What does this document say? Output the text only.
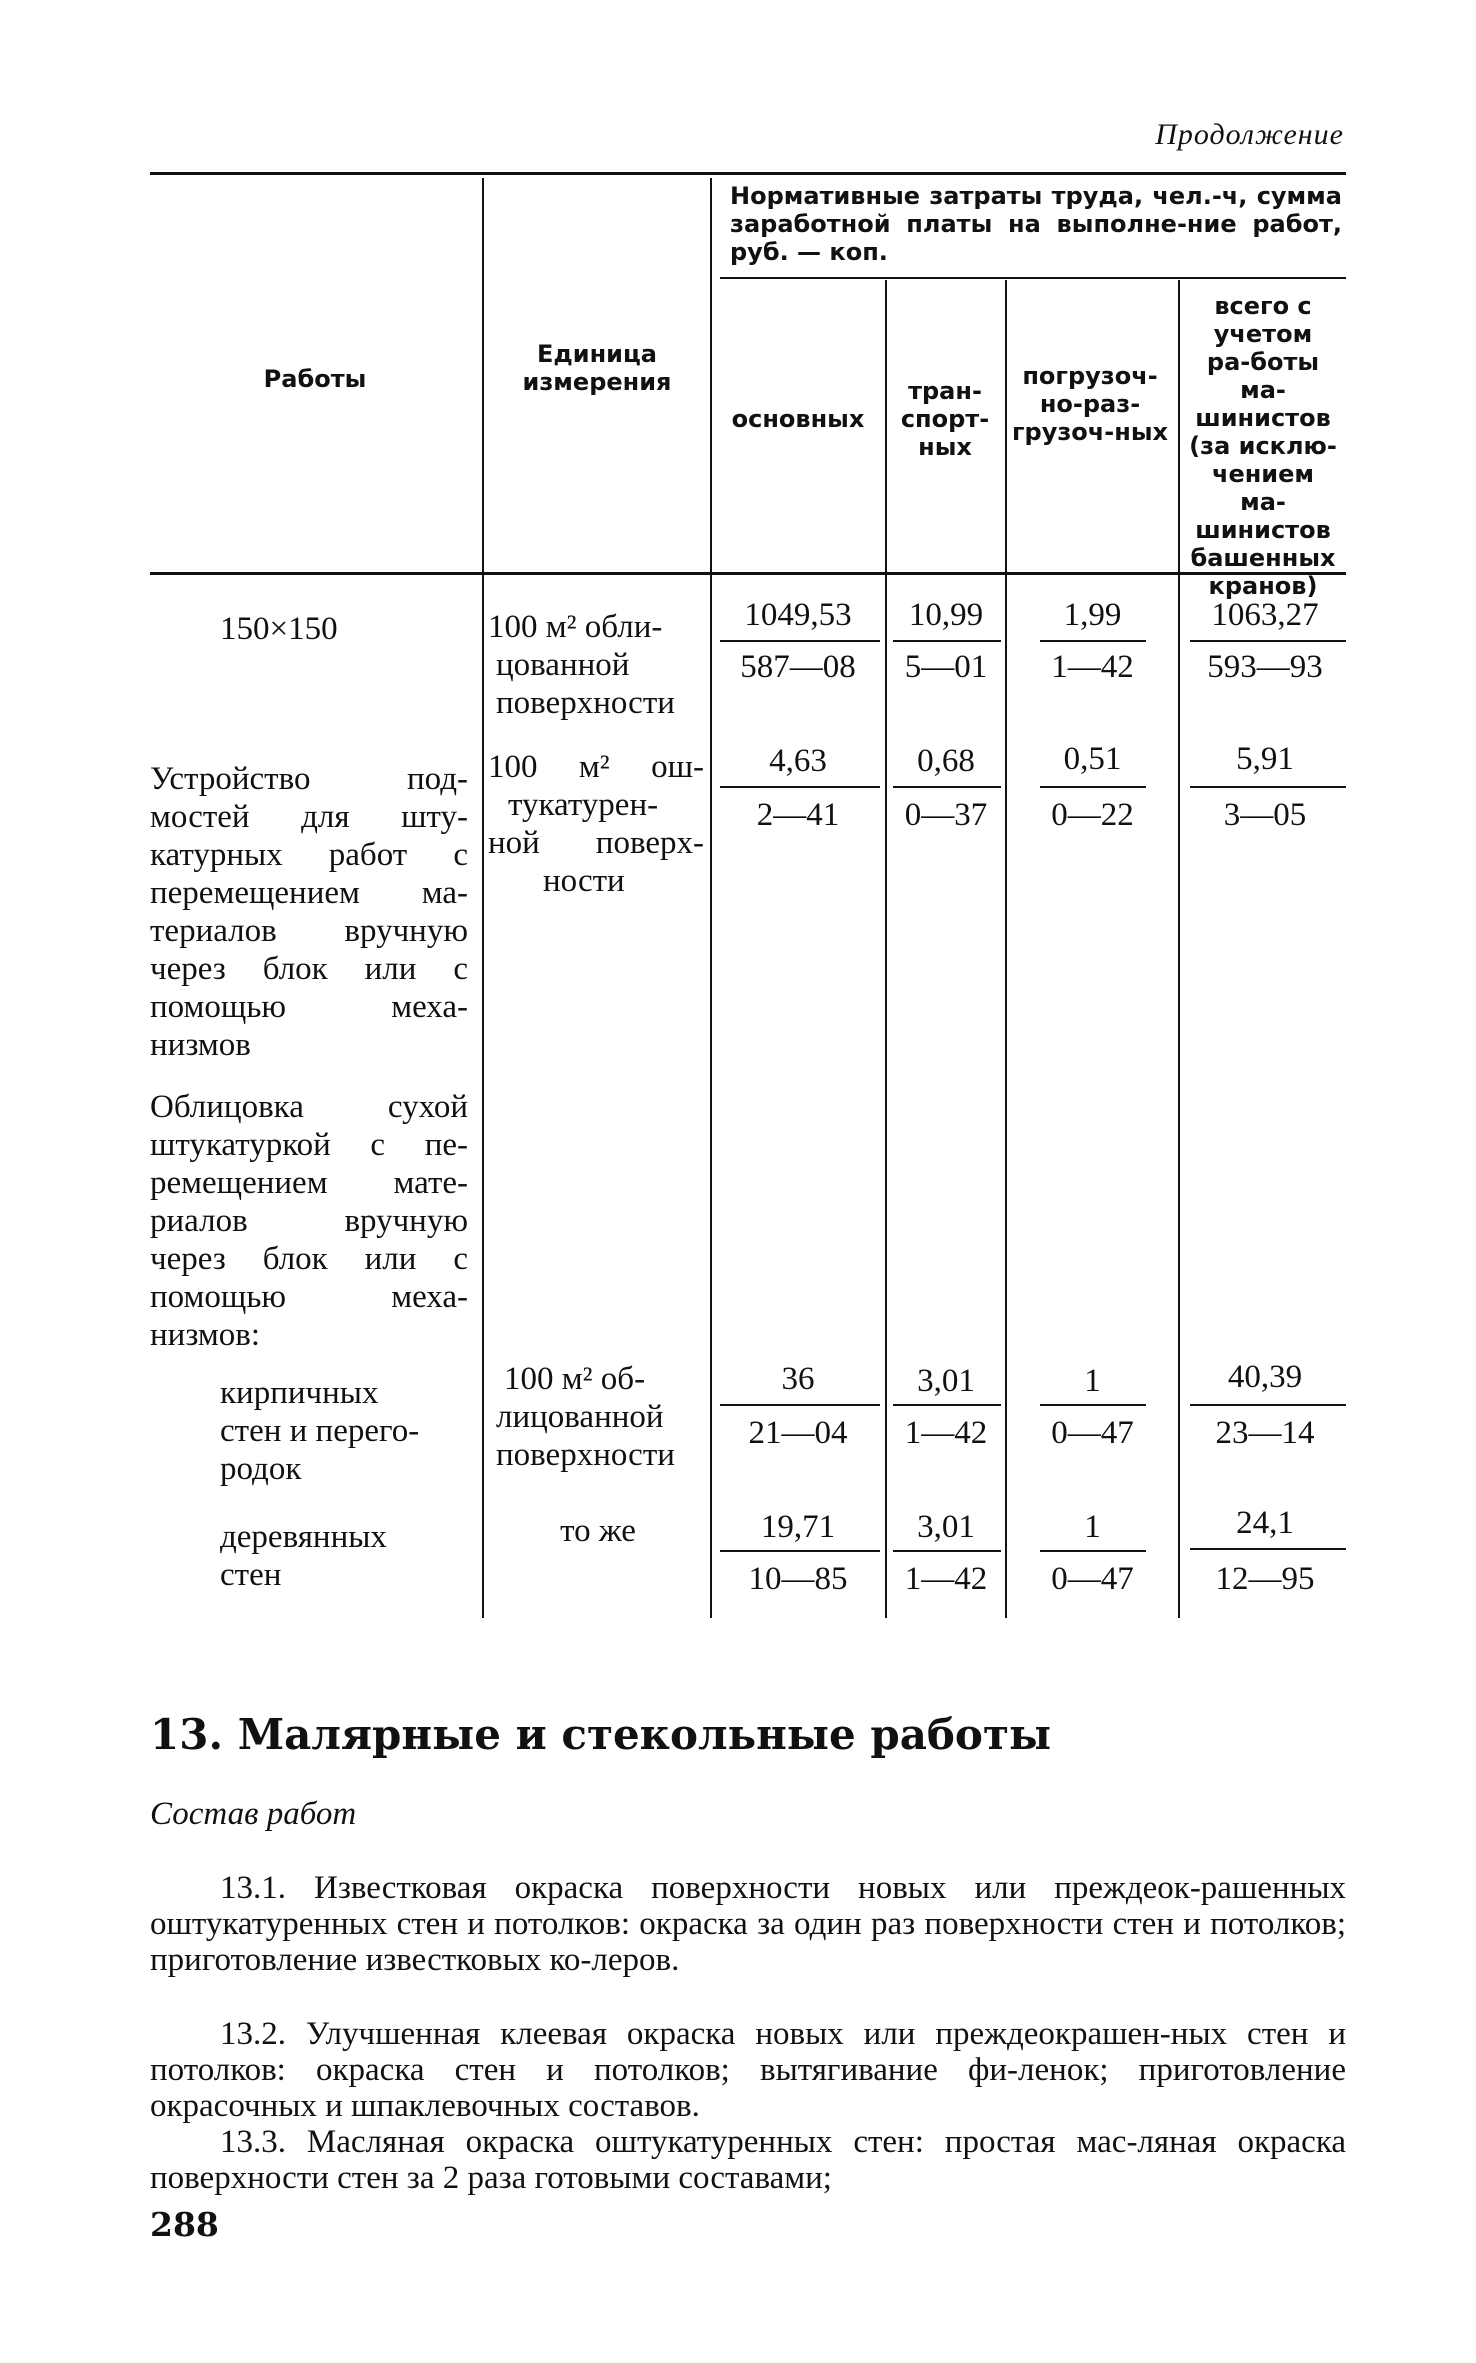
Продолжение
Нормативные затраты труда, чел.-ч, сумма заработной платы на выполне-ние работ, руб. — коп.
Работы
Единица измерения
основных
тран-спорт-ных
погрузоч-но-раз-грузоч-ных
всего с учетом ра-боты ма-шинистов (за исклю-чением ма-шинистов башенных кранов)
150×150	100 м² обли-
цованной
поверхности
1049,53
587—08
10,99
5—01
1,99
1—42
1063,27
593—93
Устройство под-
мостей для шту-
катурных работ с
перемещением ма-
териалов вручную
через блок или с
помощью меха-
низмов
100 м² ош-
тукатурен-
ной поверх-
ности
4,63
2—41
0,68
0—37
0,51
0—22
5,91
3—05
Облицовка сухой
штукатуркой с пе-
ремещением мате-
риалов вручную
через блок или с
помощью меха-
низмов:
кирпичных
стен и перего-
родок
100 м² об-
лицованной
поверхности
36
21—04
3,01
1—42
1
0—47
40,39
23—14
деревянных
стен
то же	19,71
10—85
3,01
1—42
1
0—47
24,1
12—95
13. Малярные и стекольные работы
Состав работ
13.1. Известковая окраска поверхности новых или преждеок-рашенных оштукатуренных стен и потолков: окраска за один раз поверхности стен и потолков; приготовление известковых ко-леров.
13.2. Улучшенная клеевая окраска новых или преждеокрашен-ных стен и потолков: окраска стен и потолков; вытягивание фи-ленок; приготовление окрасочных и шпаклевочных составов.
13.3. Масляная окраска оштукатуренных стен: простая мас-ляная окраска поверхности стен за 2 раза готовыми составами;
288
